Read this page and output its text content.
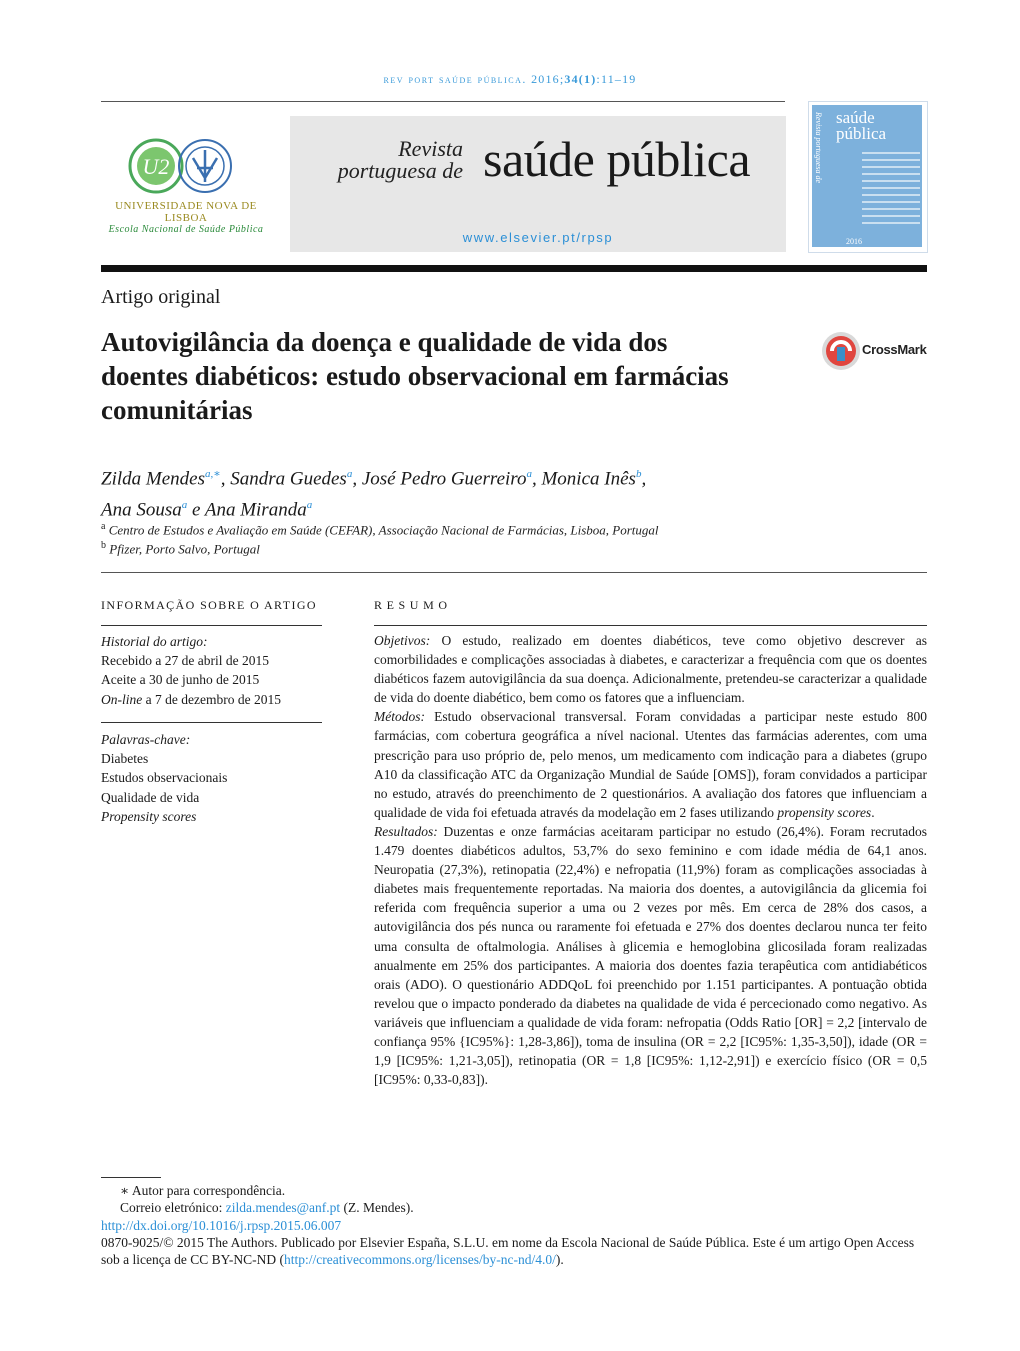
rev port saúde pública. 2016;34(1):11–19
U2
UNIVERSIDADE NOVA DE LISBOA
Escola Nacional de Saúde Pública
Revista
portuguesa de saúde pública
www.elsevier.pt/rpsp
Revista portuguesa de saúde
pública
2016
Artigo original
Autovigilância da doença e qualidade de vida dos doentes diabéticos: estudo observacional em farmácias comunitárias
CrossMark
Zilda Mendes$^{a,∗}$, Sandra Guedes$^a$, José Pedro Guerreiro$^a$, Monica Inês$^b$,
Ana Sousa$^a$ e Ana Miranda$^a$
$^a$ Centro de Estudos e Avaliação em Saúde (CEFAR), Associação Nacional de Farmácias, Lisboa, Portugal
$^b$ Pfizer, Porto Salvo, Portugal
INFORMAÇÃO SOBRE O ARTIGO
Historial do artigo:
Recebido a 27 de abril de 2015
Aceite a 30 de junho de 2015
On-line a 7 de dezembro de 2015
Palavras-chave:
Diabetes
Estudos observacionais
Qualidade de vida
Propensity scores
RESUMO

Objetivos: O estudo, realizado em doentes diabéticos, teve como objetivo descrever as comorbilidades e complicações associadas à diabetes, e caracterizar a frequência com que os doentes diabéticos fazem autovigilância da sua doença. Adicionalmente, pretendeu-se caracterizar a qualidade de vida do doente diabético, bem como os fatores que a influenciam.

Métodos: Estudo observacional transversal. Foram convidadas a participar neste estudo 800 farmácias, com cobertura geográfica a nível nacional. Utentes das farmácias aderentes, com uma prescrição para uso próprio de, pelo menos, um medicamento com indicação para a diabetes (grupo A10 da classificação ATC da Organização Mundial de Saúde [OMS]), foram convidados a participar no estudo, através do preenchimento de 2 questionários. A avaliação dos fatores que influenciam a qualidade de vida foi efetuada através da modelação em 2 fases utilizando propensity scores.

Resultados: Duzentas e onze farmácias aceitaram participar no estudo (26,4%). Foram recrutados 1.479 doentes diabéticos adultos, 53,7% do sexo feminino e com idade média de 64,1 anos. Neuropatia (27,3%), retinopatia (22,4%) e nefropatia (11,9%) foram as complicações associadas à diabetes mais frequentemente reportadas. Na maioria dos doentes, a autovigilância da glicemia foi referida com frequência superior a uma ou 2 vezes por mês. Em cerca de 28% dos casos, a autovigilância dos pés nunca ou raramente foi efetuada e 27% dos doentes declarou nunca ter feito uma consulta de oftalmologia. Análises à glicemia e hemoglobina glicosilada foram realizadas anualmente em 25% dos participantes. A maioria dos doentes fazia terapêutica com antidiabéticos orais (ADO). O questionário ADDQoL foi preenchido por 1.151 participantes. A pontuação obtida revelou que o impacto ponderado da diabetes na qualidade de vida é percecionado como negativo. As variáveis que influenciam a qualidade de vida foram: nefropatia (Odds Ratio [OR] = 2,2 [intervalo de confiança 95% {IC95%}: 1,28-3,86]), toma de insulina (OR = 2,2 [IC95%: 1,35-3,50]), idade (OR = 1,9 [IC95%: 1,21-3,05]), retinopatia (OR = 1,8 [IC95%: 1,12-2,91]) e exercício físico (OR = 0,5 [IC95%: 0,33-0,83]).

∗ Autor para correspondência.

Correio eletrónico: zilda.mendes@anf.pt (Z. Mendes).

http://dx.doi.org/10.1016/j.rpsp.2015.06.007

0870-9025/© 2015 The Authors. Publicado por Elsevier España, S.L.U. em nome da Escola Nacional de Saúde Pública. Este é um artigo Open Access sob a licença de CC BY-NC-ND (http://creativecommons.org/licenses/by-nc-nd/4.0/).
